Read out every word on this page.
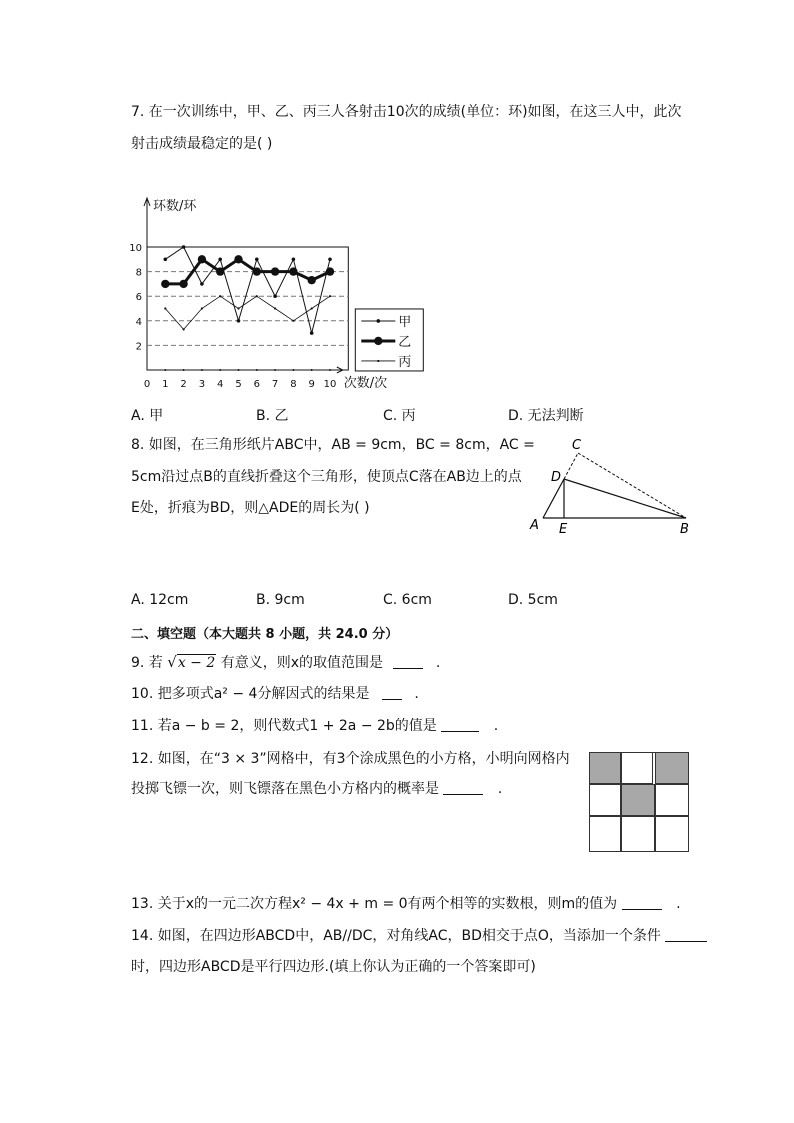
7. 在一次训练中，甲、乙、丙三人各射击10次的成绩(单位：环)如图，在这三人中，此次
射击成绩最稳定的是( )
2
4
6
8
10
0 1 2 3 4 5 6 7 8 9 10
环数/环
次数/次
甲
乙
丙
A. 甲	B. 乙	C. 丙	D. 无法判断
8. 如图，在三角形纸片ABC中，AB = 9cm，BC = 8cm，AC =
5cm沿过点B的直线折叠这个三角形，使顶点C落在AB边上的点
E处，折痕为BD，则△ADE的周长为( )
C
D
A E	B
A. 12cm	B. 9cm	C. 6cm	D. 5cm
二、填空题（本大题共 8 小题，共 24.0 分）
9. 若 √x − 2 有意义，则x的取值范围是	.
10. 把多项式a² − 4分解因式的结果是	.
11. 若a − b = 2，则代数式1 + 2a − 2b的值是	.
12. 如图，在“3 × 3”网格中，有3个涂成黑色的小方格，小明向网格内
投掷飞镖一次，则飞镖落在黑色小方格内的概率是	.
13. 关于x的一元二次方程x² − 4x + m = 0有两个相等的实数根，则m的值为	.
14. 如图，在四边形ABCD中，AB//DC，对角线AC，BD相交于点O，当添加一个条件
时，四边形ABCD是平行四边形.(填上你认为正确的一个答案即可)
